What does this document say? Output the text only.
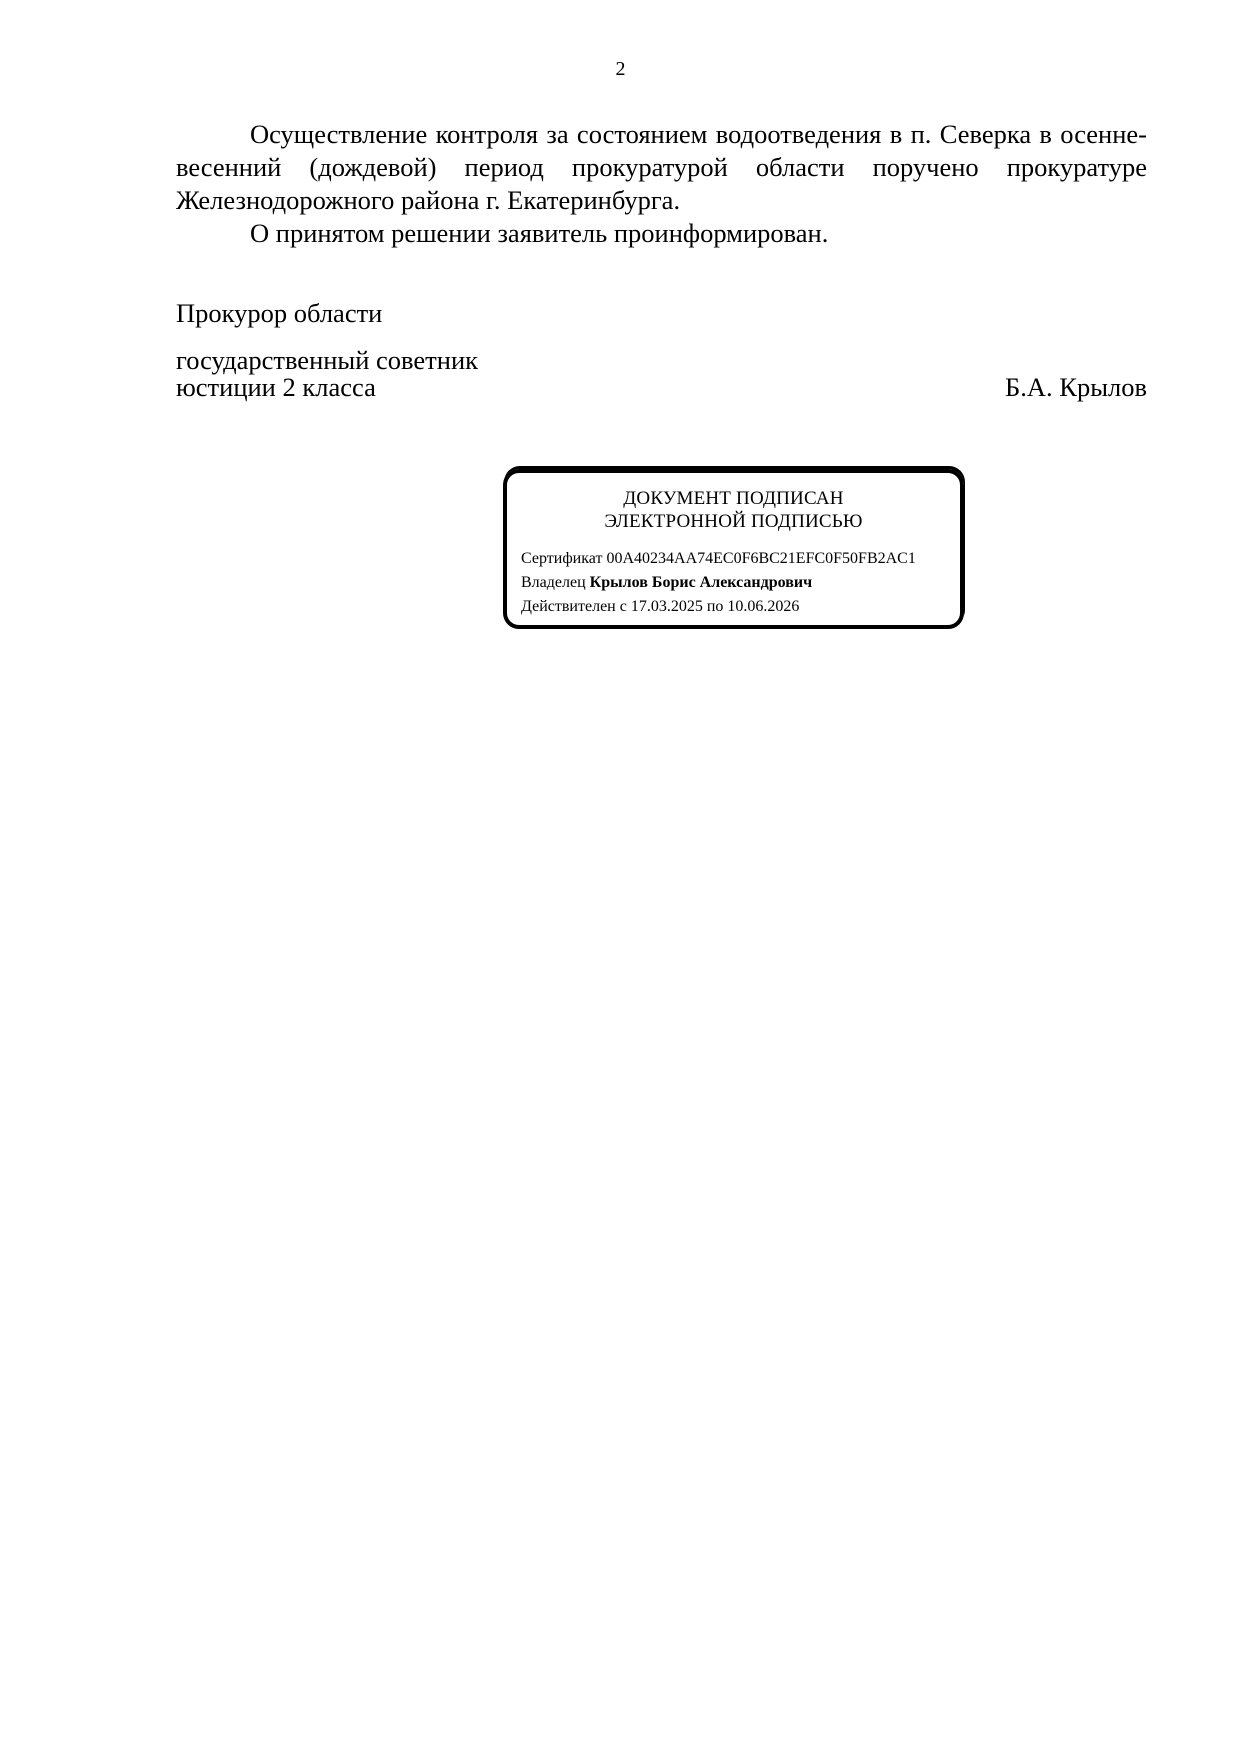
2

Осуществление контроля за состоянием водоотведения в п. Северка в осенне-весенний (дождевой) период прокуратурой области поручено прокуратуре Железнодорожного района г. Екатеринбурга.

О принятом решении заявитель проинформирован.

Прокурор области
государственный советник
юстиции 2 класса	Б.А. Крылов
ДОКУМЕНТ ПОДПИСАН
ЭЛЕКТРОННОЙ ПОДПИСЬЮ
Сертификат 00A40234AA74EC0F6BC21EFC0F50FB2AC1
Владелец Крылов Борис Александрович
Действителен с 17.03.2025 по 10.06.2026
